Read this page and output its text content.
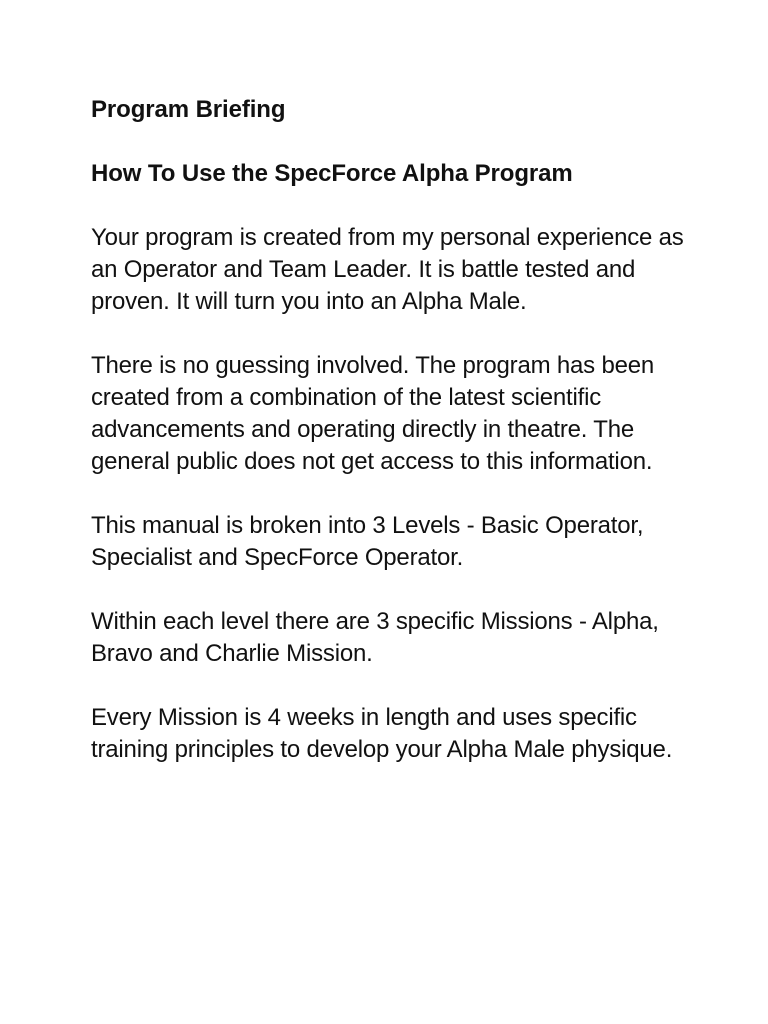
Program Briefing
How To Use the SpecForce Alpha Program

Your program is created from my personal experience as an Operator and Team Leader. It is battle tested and proven. It will turn you into an Alpha Male.

There is no guessing involved. The program has been created from a combination of the latest scientific advancements and operating directly in theatre. The general public does not get access to this information.

This manual is broken into 3 Levels - Basic Operator, Specialist and SpecForce Operator.

Within each level there are 3 specific Missions - Alpha, Bravo and Charlie Mission.

Every Mission is 4 weeks in length and uses specific training principles to develop your Alpha Male physique.
